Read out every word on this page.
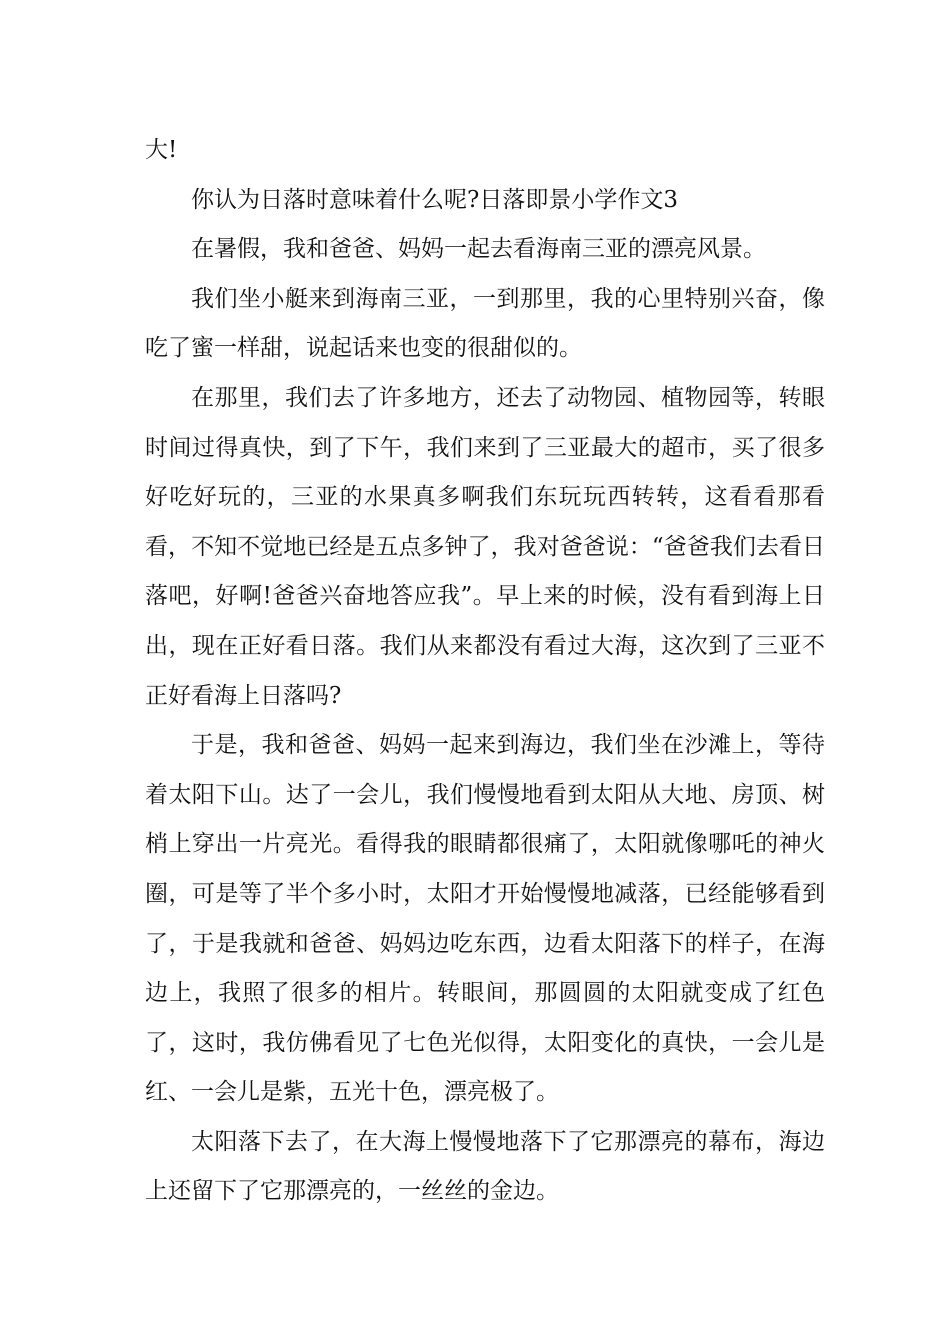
大!

你认为日落时意味着什么呢?日落即景小学作文3

在暑假，我和爸爸、妈妈一起去看海南三亚的漂亮风景。

我们坐小艇来到海南三亚，一到那里，我的心里特别兴奋，像吃了蜜一样甜，说起话来也变的很甜似的。

在那里，我们去了许多地方，还去了动物园、植物园等，转眼时间过得真快，到了下午，我们来到了三亚最大的超市，买了很多好吃好玩的，三亚的水果真多啊我们东玩玩西转转，这看看那看看，不知不觉地已经是五点多钟了，我对爸爸说：“爸爸我们去看日落吧，好啊!爸爸兴奋地答应我”。早上来的时候，没有看到海上日出，现在正好看日落。我们从来都没有看过大海，这次到了三亚不正好看海上日落吗?

于是，我和爸爸、妈妈一起来到海边，我们坐在沙滩上，等待着太阳下山。达了一会儿，我们慢慢地看到太阳从大地、房顶、树梢上穿出一片亮光。看得我的眼睛都很痛了，太阳就像哪吒的神火圈，可是等了半个多小时，太阳才开始慢慢地减落，已经能够看到了，于是我就和爸爸、妈妈边吃东西，边看太阳落下的样子，在海边上，我照了很多的相片。转眼间，那圆圆的太阳就变成了红色了，这时，我仿佛看见了七色光似得，太阳变化的真快，一会儿是红、一会儿是紫，五光十色，漂亮极了。

太阳落下去了，在大海上慢慢地落下了它那漂亮的幕布，海边上还留下了它那漂亮的，一丝丝的金边。
